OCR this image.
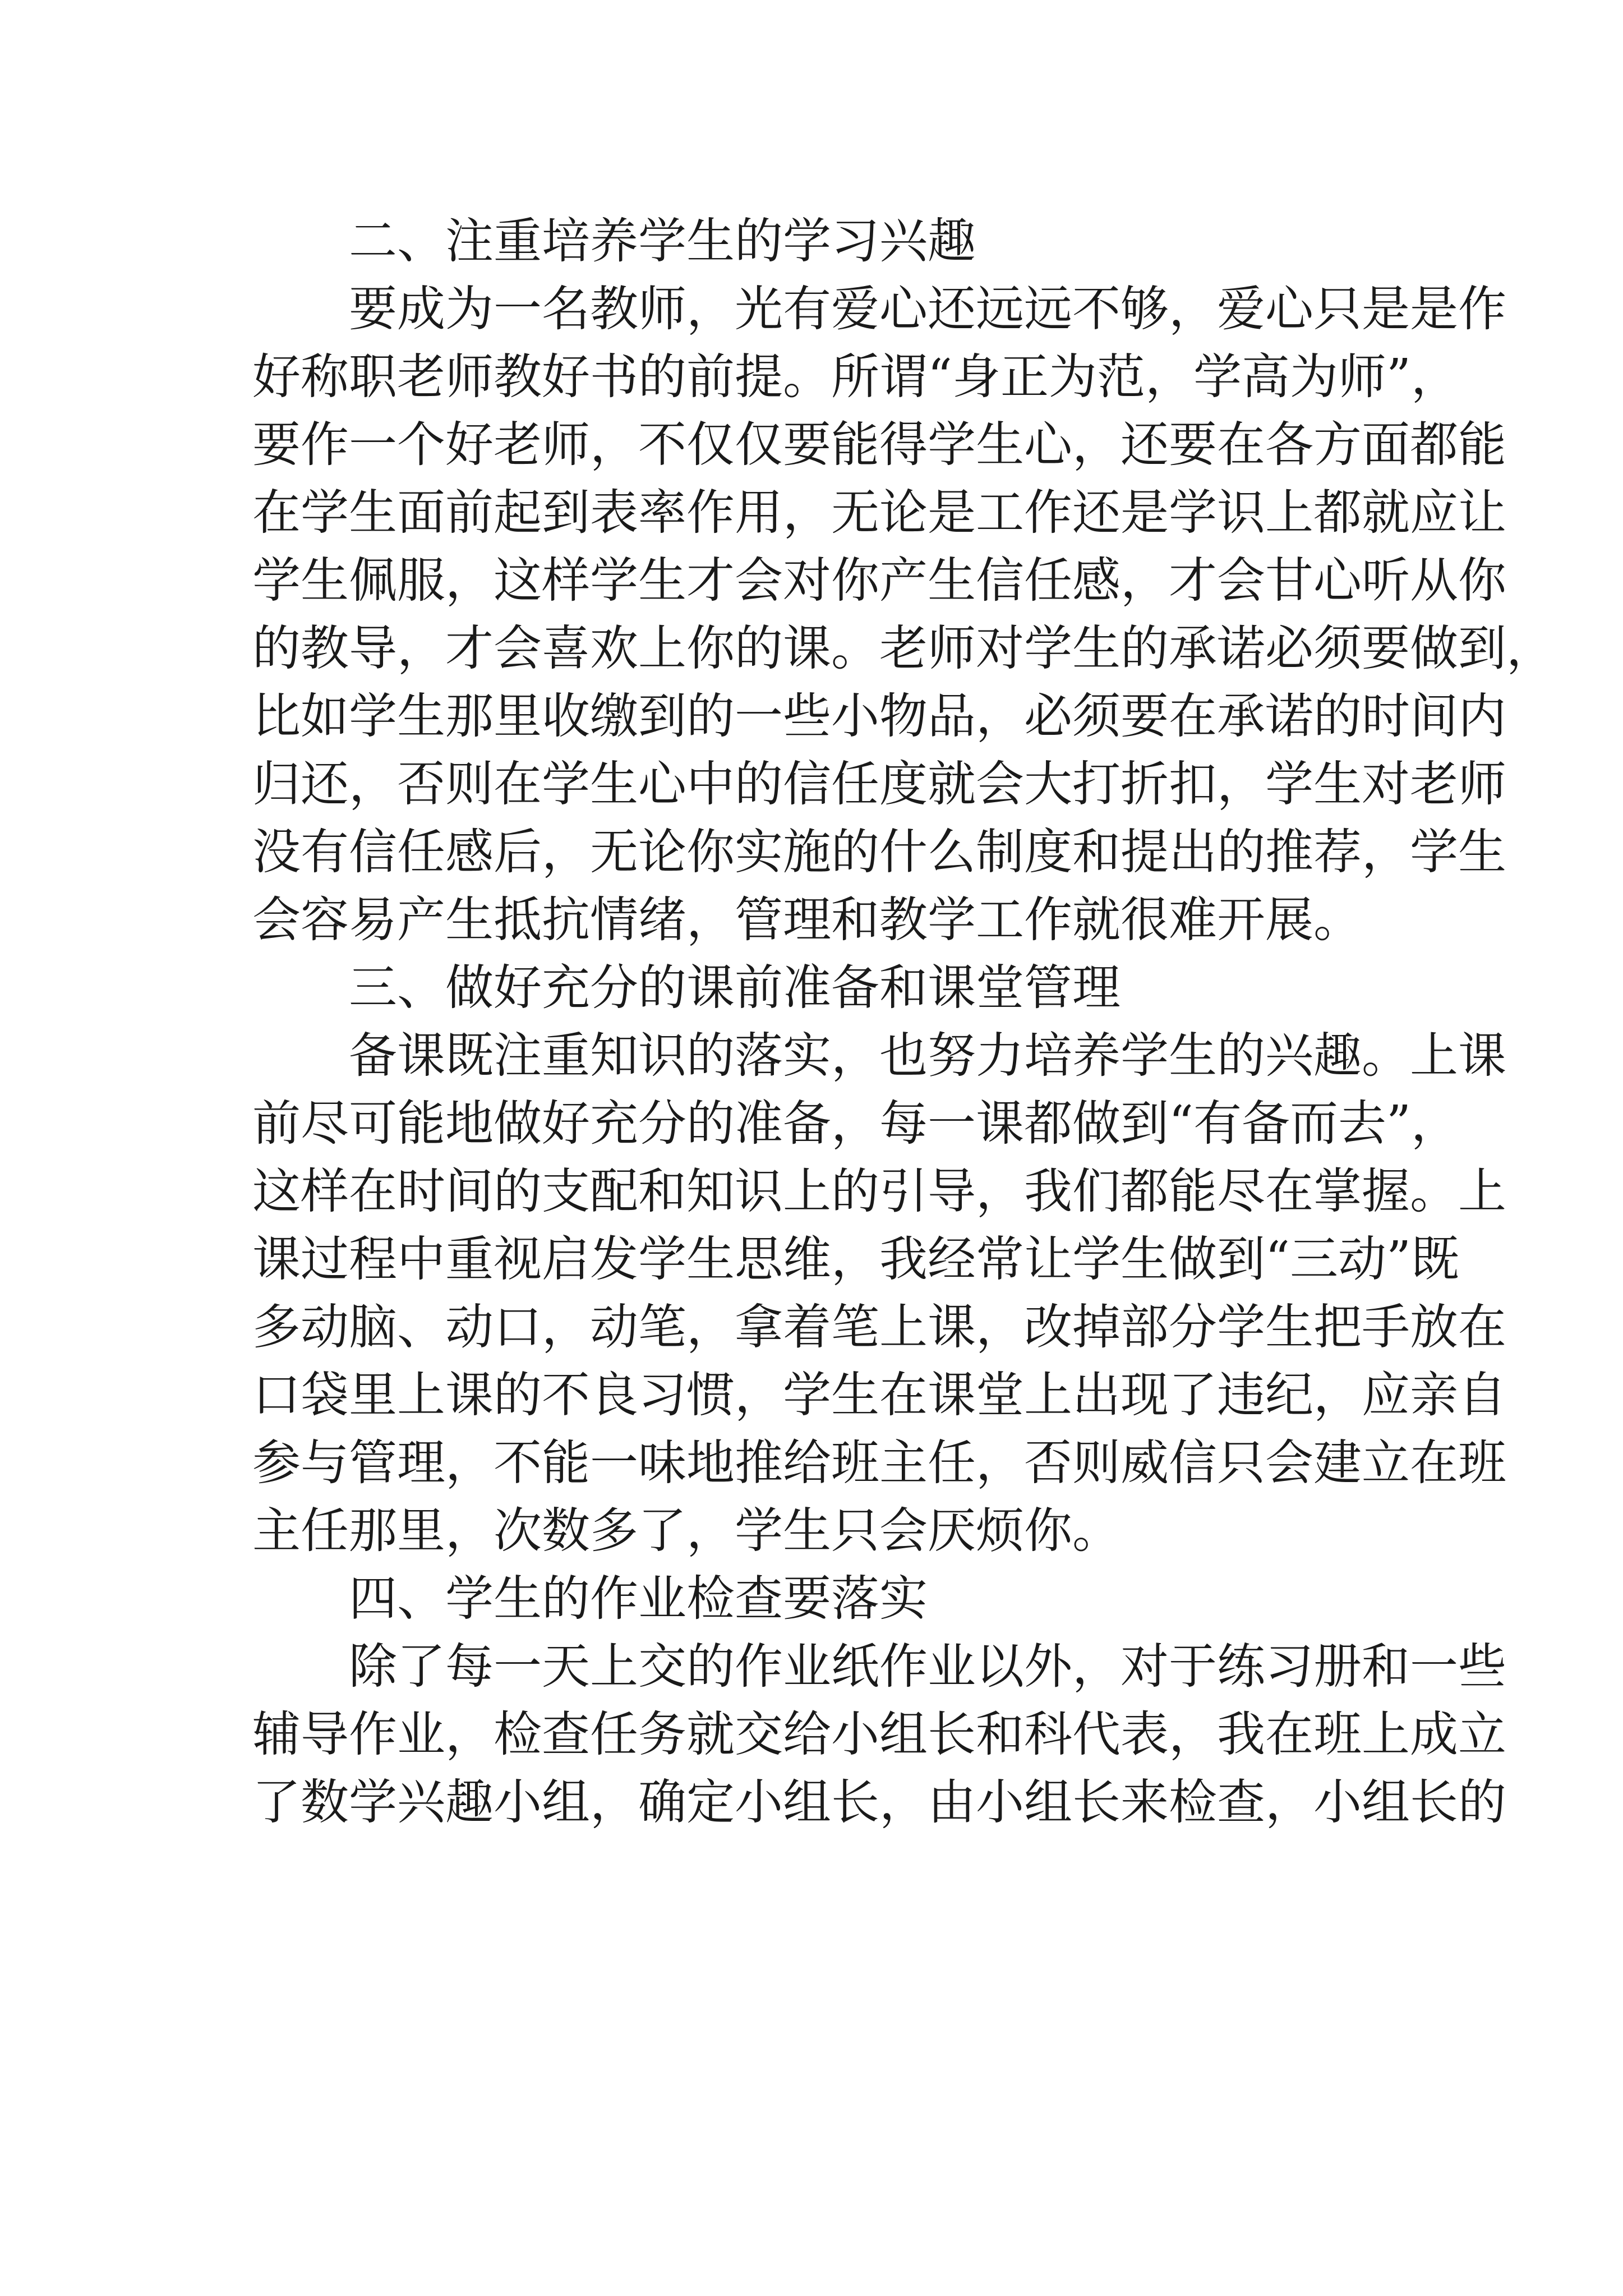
二、注重培养学生的学习兴趣
要成为一名教师，光有爱心还远远不够，爱心只是是作
好称职老师教好书的前提。所谓“身正为范，学高为师”，
要作一个好老师，不仅仅要能得学生心，还要在各方面都能
在学生面前起到表率作用，无论是工作还是学识上都就应让
学生佩服，这样学生才会对你产生信任感，才会甘心听从你
的教导，才会喜欢上你的课。老师对学生的承诺必须要做到，
比如学生那里收缴到的一些小物品，必须要在承诺的时间内
归还，否则在学生心中的信任度就会大打折扣，学生对老师
没有信任感后，无论你实施的什么制度和提出的推荐，学生
会容易产生抵抗情绪，管理和教学工作就很难开展。
三、做好充分的课前准备和课堂管理
备课既注重知识的落实，也努力培养学生的兴趣。上课
前尽可能地做好充分的准备，每一课都做到“有备而去”，
这样在时间的支配和知识上的引导，我们都能尽在掌握。上
课过程中重视启发学生思维，我经常让学生做到“三动”既
多动脑、动口，动笔，拿着笔上课，改掉部分学生把手放在
口袋里上课的不良习惯，学生在课堂上出现了违纪，应亲自
参与管理，不能一味地推给班主任，否则威信只会建立在班
主任那里，次数多了，学生只会厌烦你。
四、学生的作业检查要落实
除了每一天上交的作业纸作业以外，对于练习册和一些
辅导作业，检查任务就交给小组长和科代表，我在班上成立
了数学兴趣小组，确定小组长，由小组长来检查，小组长的
